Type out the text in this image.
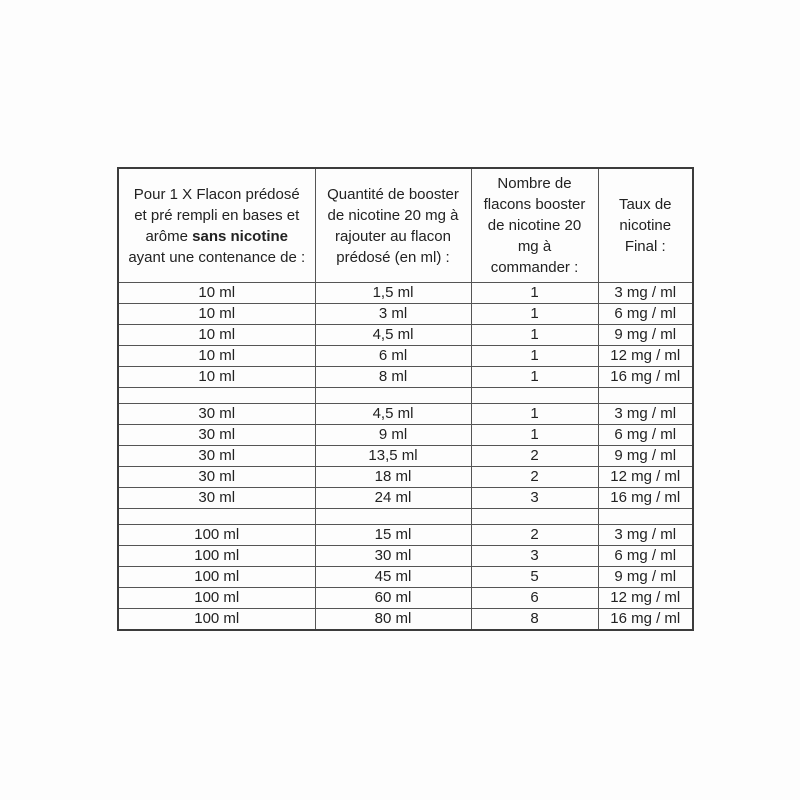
Pour 1 X Flacon prédosé et pré rempli en bases et arôme sans nicotine ayant une contenance de :	Quantité de booster de nicotine 20 mg à rajouter au flacon prédosé (en ml) :	Nombre de flacons booster de nicotine 20 mg à commander :	Taux de nicotine Final :
10 ml	1,5 ml	1	3 mg / ml
10 ml	3 ml	1	6 mg / ml
10 ml	4,5 ml	1	9 mg / ml
10 ml	6 ml	1	12 mg / ml
10 ml	8 ml	1	16 mg / ml

30 ml	4,5 ml	1	3 mg / ml
30 ml	9 ml	1	6 mg / ml
30 ml	13,5 ml	2	9 mg / ml
30 ml	18 ml	2	12 mg / ml
30 ml	24 ml	3	16 mg / ml

100 ml	15 ml	2	3 mg / ml
100 ml	30 ml	3	6 mg / ml
100 ml	45 ml	5	9 mg / ml
100 ml	60 ml	6	12 mg / ml
100 ml	80 ml	8	16 mg / ml
